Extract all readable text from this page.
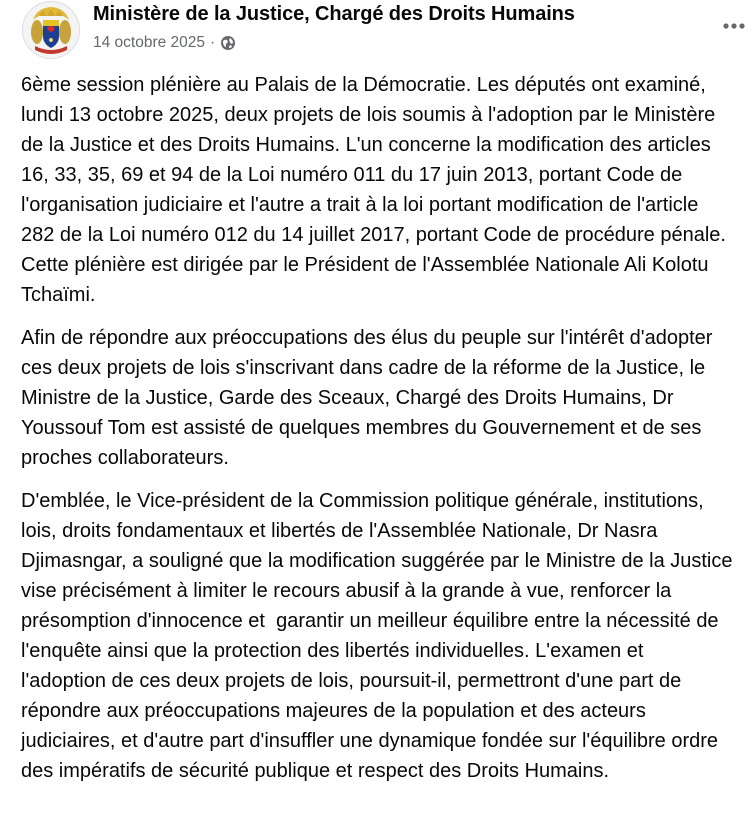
Ministère de la Justice, Chargé des Droits Humains
14 octobre 2025 ·

6ème session plénière au Palais de la Démocratie. Les députés ont examiné, lundi 13 octobre 2025, deux projets de lois soumis à l'adoption par le Ministère de la Justice et des Droits Humains. L'un concerne la modification des articles 16, 33, 35, 69 et 94 de la Loi numéro 011 du 17 juin 2013, portant Code de l'organisation judiciaire et l'autre a trait à la loi portant modification de l'article 282 de la Loi numéro 012 du 14 juillet 2017, portant Code de procédure pénale. Cette plénière est dirigée par le Président de l'Assemblée Nationale Ali Kolotu Tchaïmi.

Afin de répondre aux préoccupations des élus du peuple sur l'intérêt d'adopter ces deux projets de lois s'inscrivant dans cadre de la réforme de la Justice, le Ministre de la Justice, Garde des Sceaux, Chargé des Droits Humains, Dr Youssouf Tom est assisté de quelques membres du Gouvernement et de ses proches collaborateurs.

D'emblée, le Vice-président de la Commission politique générale, institutions, lois, droits fondamentaux et libertés de l'Assemblée Nationale, Dr Nasra Djimasngar, a souligné que la modification suggérée par le Ministre de la Justice vise précisément à limiter le recours abusif à la grande à vue, renforcer la présomption d'innocence et  garantir un meilleur équilibre entre la nécessité de l'enquête ainsi que la protection des libertés individuelles. L'examen et l'adoption de ces deux projets de lois, poursuit-il, permettront d'une part de répondre aux préoccupations majeures de la population et des acteurs judiciaires, et d'autre part d'insuffler une dynamique fondée sur l'équilibre ordre des impératifs de sécurité publique et respect des Droits Humains.
